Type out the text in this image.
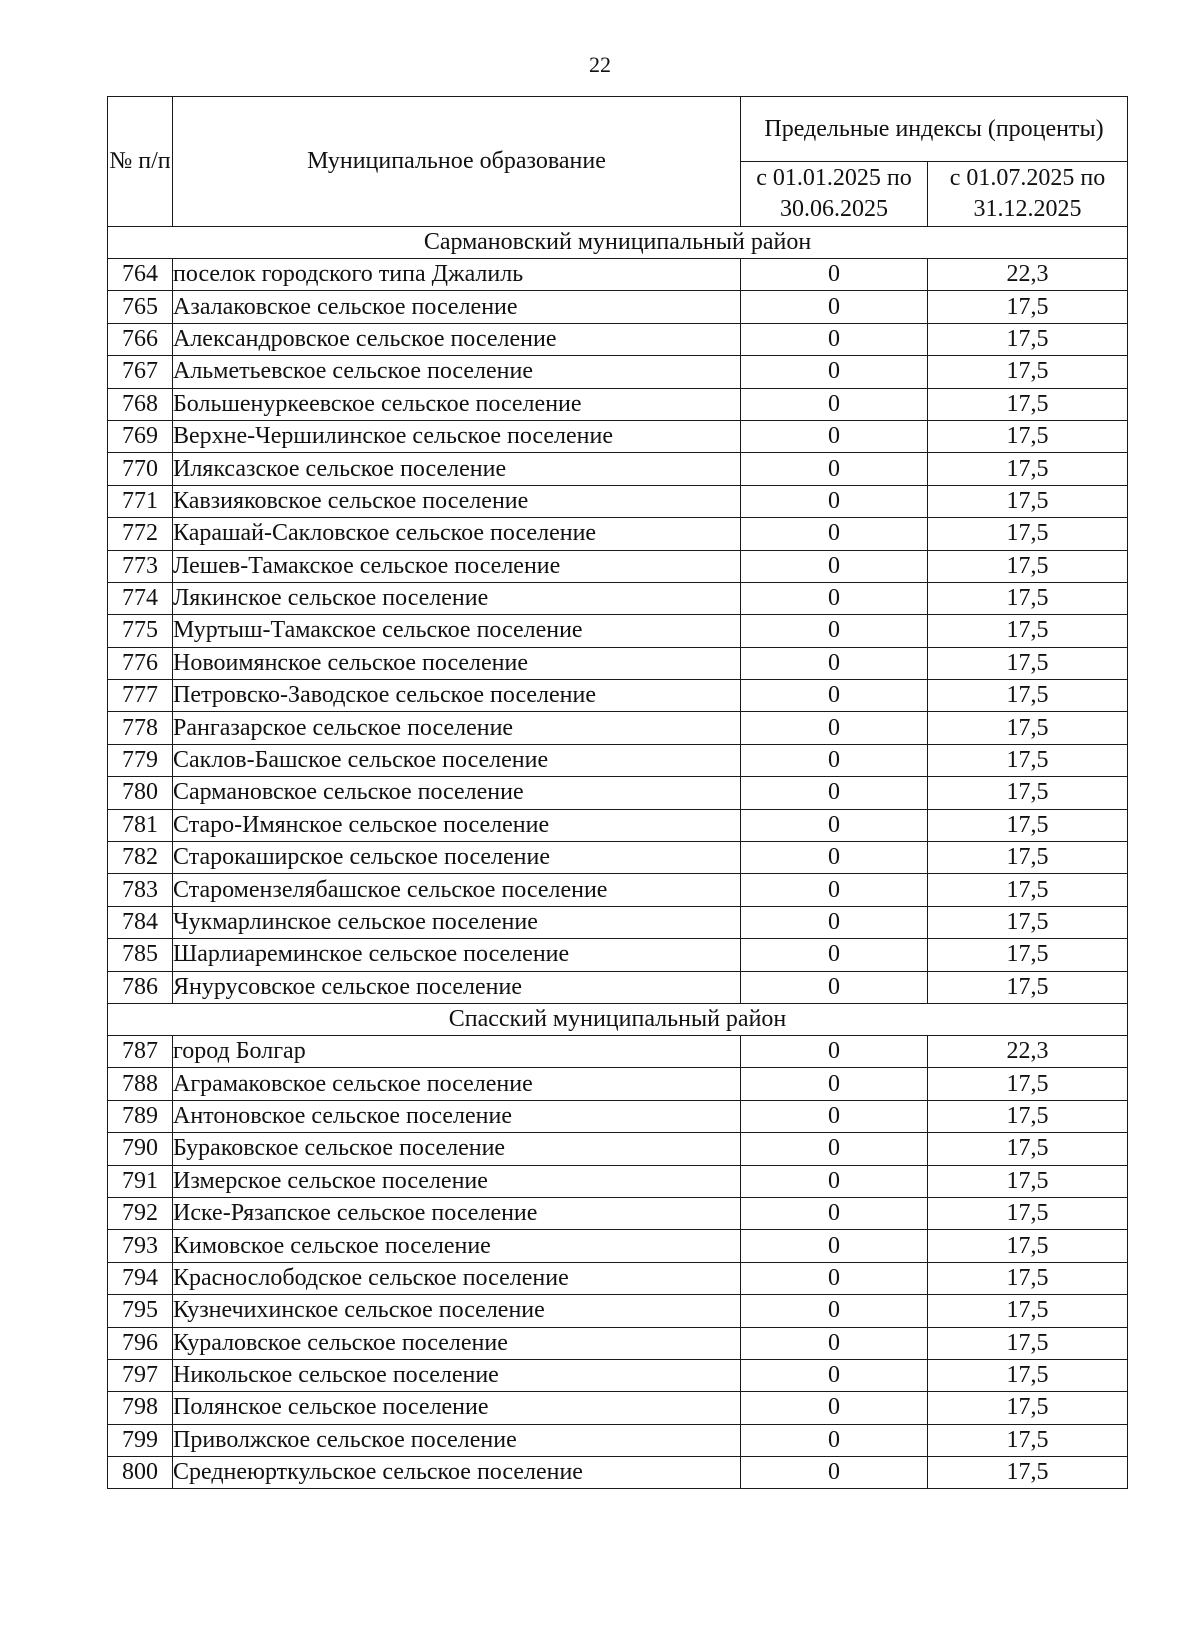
22
№ п/п	Муниципальное образование	Предельные индексы (проценты)	
		с 01.01.2025 по 30.06.2025	с 01.07.2025 по 31.12.2025
Сармановский муниципальный район			
764	поселок городского типа Джалиль	0	22,3
765	Азалаковское сельское поселение	0	17,5
766	Александровское сельское поселение	0	17,5
767	Альметьевское сельское поселение	0	17,5
768	Большенуркеевское сельское поселение	0	17,5
769	Верхне-Чершилинское сельское поселение	0	17,5
770	Иляксазское сельское поселение	0	17,5
771	Кавзияковское сельское поселение	0	17,5
772	Карашай-Сакловское сельское поселение	0	17,5
773	Лешев-Тамакское сельское поселение	0	17,5
774	Лякинское сельское поселение	0	17,5
775	Муртыш-Тамакское сельское поселение	0	17,5
776	Новоимянское сельское поселение	0	17,5
777	Петровско-Заводское сельское поселение	0	17,5
778	Рангазарское сельское поселение	0	17,5
779	Саклов-Башское сельское поселение	0	17,5
780	Сармановское сельское поселение	0	17,5
781	Старо-Имянское сельское поселение	0	17,5
782	Старокаширское сельское поселение	0	17,5
783	Старомензелябашское сельское поселение	0	17,5
784	Чукмарлинское сельское поселение	0	17,5
785	Шарлиареминское сельское поселение	0	17,5
786	Янурусовское сельское поселение	0	17,5
Спасский муниципальный район			
787	город Болгар	0	22,3
788	Аграмаковское сельское поселение	0	17,5
789	Антоновское сельское поселение	0	17,5
790	Бураковское сельское поселение	0	17,5
791	Измерское сельское поселение	0	17,5
792	Иске-Рязапское сельское поселение	0	17,5
793	Кимовское сельское поселение	0	17,5
794	Краснослободское сельское поселение	0	17,5
795	Кузнечихинское сельское поселение	0	17,5
796	Кураловское сельское поселение	0	17,5
797	Никольское сельское поселение	0	17,5
798	Полянское сельское поселение	0	17,5
799	Приволжское сельское поселение	0	17,5
800	Среднеюрткульское сельское поселение	0	17,5
